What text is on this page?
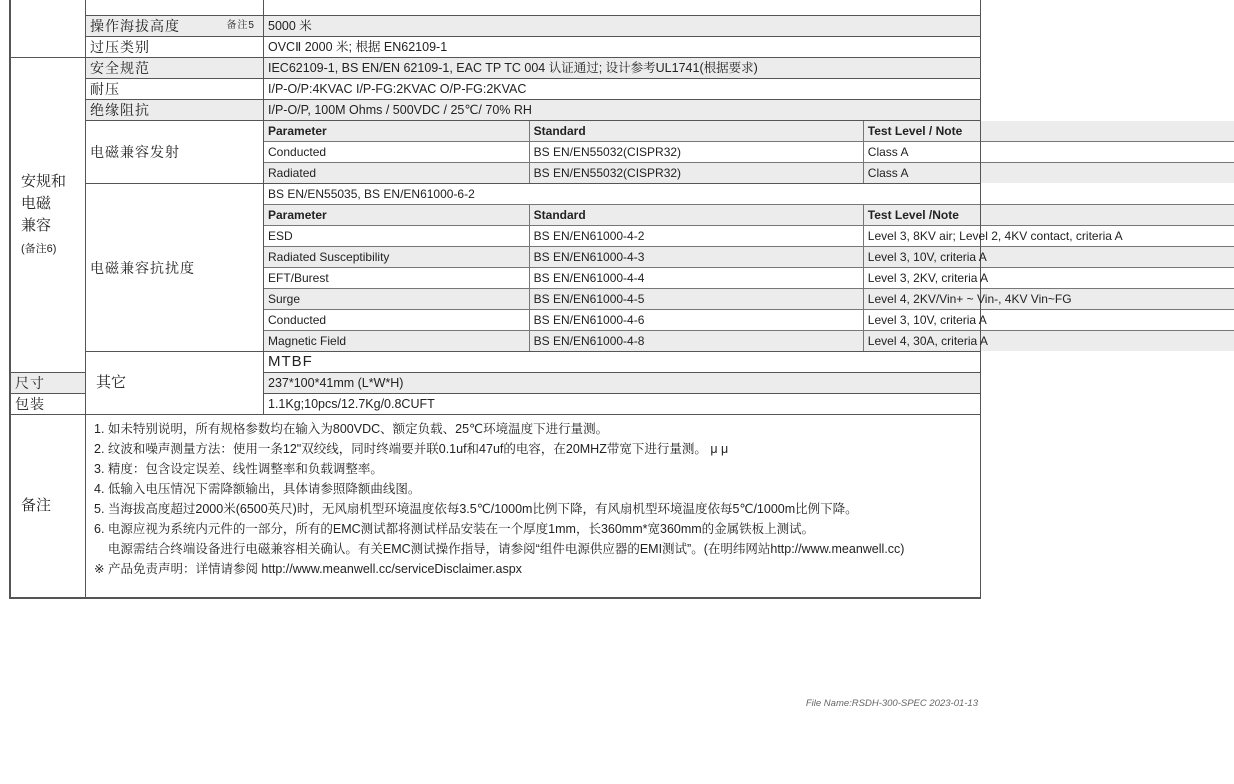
操作海拔高度	备注5	5000 米
过压类别	OVCⅡ 2000 米; 根据 EN62109-1
安规和
电磁
兼容
(备注6)	安全规范	IEC62109-1, BS EN/EN 62109-1, EAC TP TC 004 认证通过; 设计参考UL1741(根据要求)
耐压	I/P-O/P:4KVAC I/P-FG:2KVAC O/P-FG:2KVAC
绝缘阻抗	I/P-O/P, 100M Ohms / 500VDC / 25℃/ 70% RH
电磁兼容发射	
Parameter	Standard	Test Level / Note
Conducted	BS EN/EN55032(CISPR32)	Class A
Radiated	BS EN/EN55032(CISPR32)	Class A

电磁兼容抗扰度	
BS EN/EN55035, BS EN/EN61000-6-2
Parameter	Standard	Test Level /Note
ESD	BS EN/EN61000-4-2	Level 3, 8KV air; Level 2, 4KV contact, criteria A
Radiated Susceptibility	BS EN/EN61000-4-3	Level 3, 10V, criteria A
EFT/Burest	BS EN/EN61000-4-4	Level 3, 2KV, criteria A
Surge	BS EN/EN61000-4-5	Level 4, 2KV/Vin+ ~ Vin-, 4KV Vin~FG
Conducted	BS EN/EN61000-4-6	Level 3, 10V, criteria A
Magnetic Field	BS EN/EN61000-4-8	Level 4, 30A, criteria A

其它	MTBF	
尺寸	237*100*41mm (L*W*H)
包装	1.1Kg;10pcs/12.7Kg/0.8CUFT
备注	
1. 如未特别说明，所有规格参数均在输入为800VDC、额定负载、25℃环境温度下进行量测。
2. 纹波和噪声测量方法：使用一条12"双绞线，同时终端要并联0.1uf和47uf的电容，在20MHZ带宽下进行量测。 μ μ
3. 精度：包含设定误差、线性调整率和负载调整率。
4. 低输入电压情况下需降额输出，具体请参照降额曲线图。
5. 当海拔高度超过2000米(6500英尺)时，无风扇机型环境温度依每3.5℃/1000m比例下降，有风扇机型环境温度依每5℃/1000m比例下降。
6. 电源应视为系统内元件的一部分，所有的EMC测试都将测试样品安装在一个厚度1mm，长360mm*宽360mm的金属铁板上测试。
电源需结合终端设备进行电磁兼容相关确认。有关EMC测试操作指导，请参阅“组件电源供应器的EMI测试”。(在明纬网站http://www.meanwell.cc)
※ 产品免责声明：详情请参阅 http://www.meanwell.cc/serviceDisclaimer.aspx
File Name:RSDH-300-SPEC 2023-01-13
